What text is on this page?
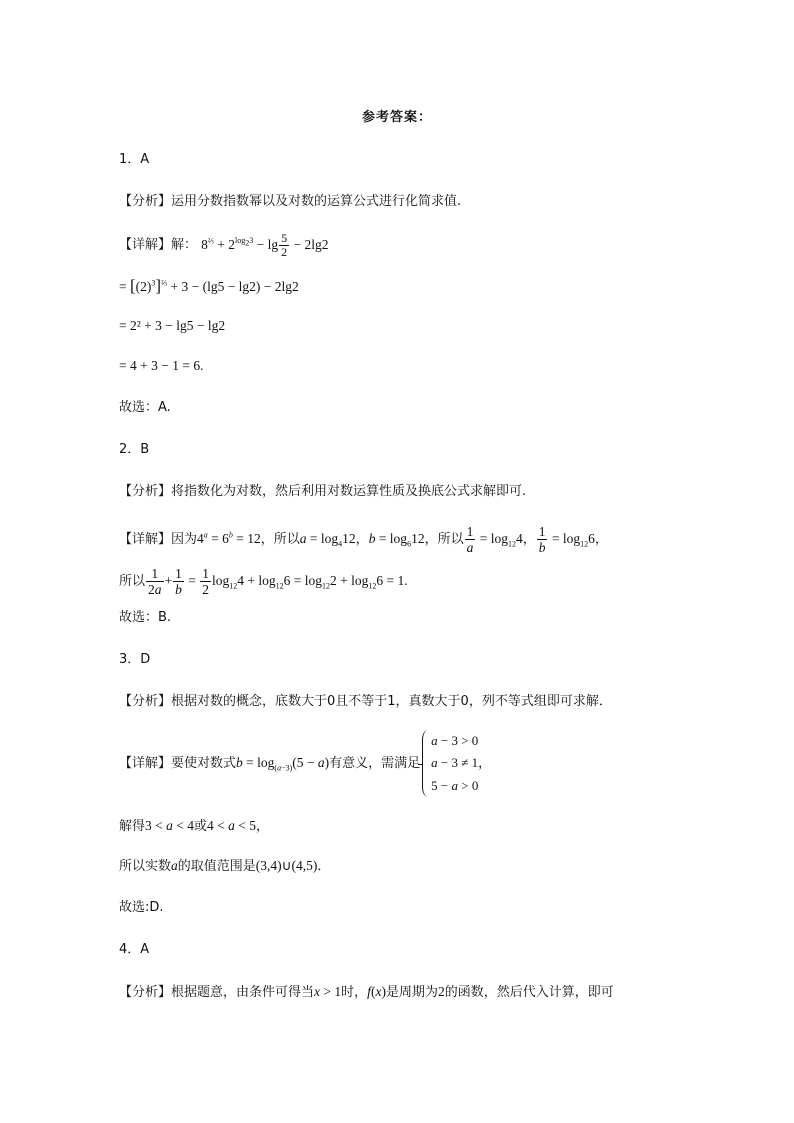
参考答案：
1．A
【分析】运用分数指数幂以及对数的运算公式进行化简求值.
【详解】解： $8^{\frac{2}{3}} + 2^{log_23} - \lg \frac{5}{2} - 2\lg 2$
= $[(2)^3]^{\frac{2}{3}} + 3 - (\lg 5 - \lg 2) - 2\lg 2$
= 2² + 3 − lg5 − lg2
= 4 + 3 − 1 = 6.
故选：A.
2．B
【分析】将指数化为对数，然后利用对数运算性质及换底公式求解即可.
【详解】因为$4^a = 6^b = 12$，所以$a = \log_412$，$b = \log_612$，所以 $\frac{1}{a} = \log_{12}4$， $\frac{1}{b} = \log_{12}6$，
所以 $\frac{1}{2a} + \frac{1}{b} = \frac{1}{2} \log_{12}4 + \log_{12}6 = \log_{12}2 + \log_{12}6 = 1$.
故选：B.
3．D
【分析】根据对数的概念，底数大于0且不等于1，真数大于0，列不等式组即可求解．
【详解】要使对数式$b = \log_{(a-3)}(5 - a)$有意义，需满足
a − 3 > 0
a − 3 ≠ 1，
5 − a > 0
解得3 < a < 4或4 < a < 5，
所以实数a的取值范围是(3,4)∪(4,5)．
故选:D.
4．A
【分析】根据题意，由条件可得当x > 1时，f(x)是周期为2的函数，然后代入计算，即可
